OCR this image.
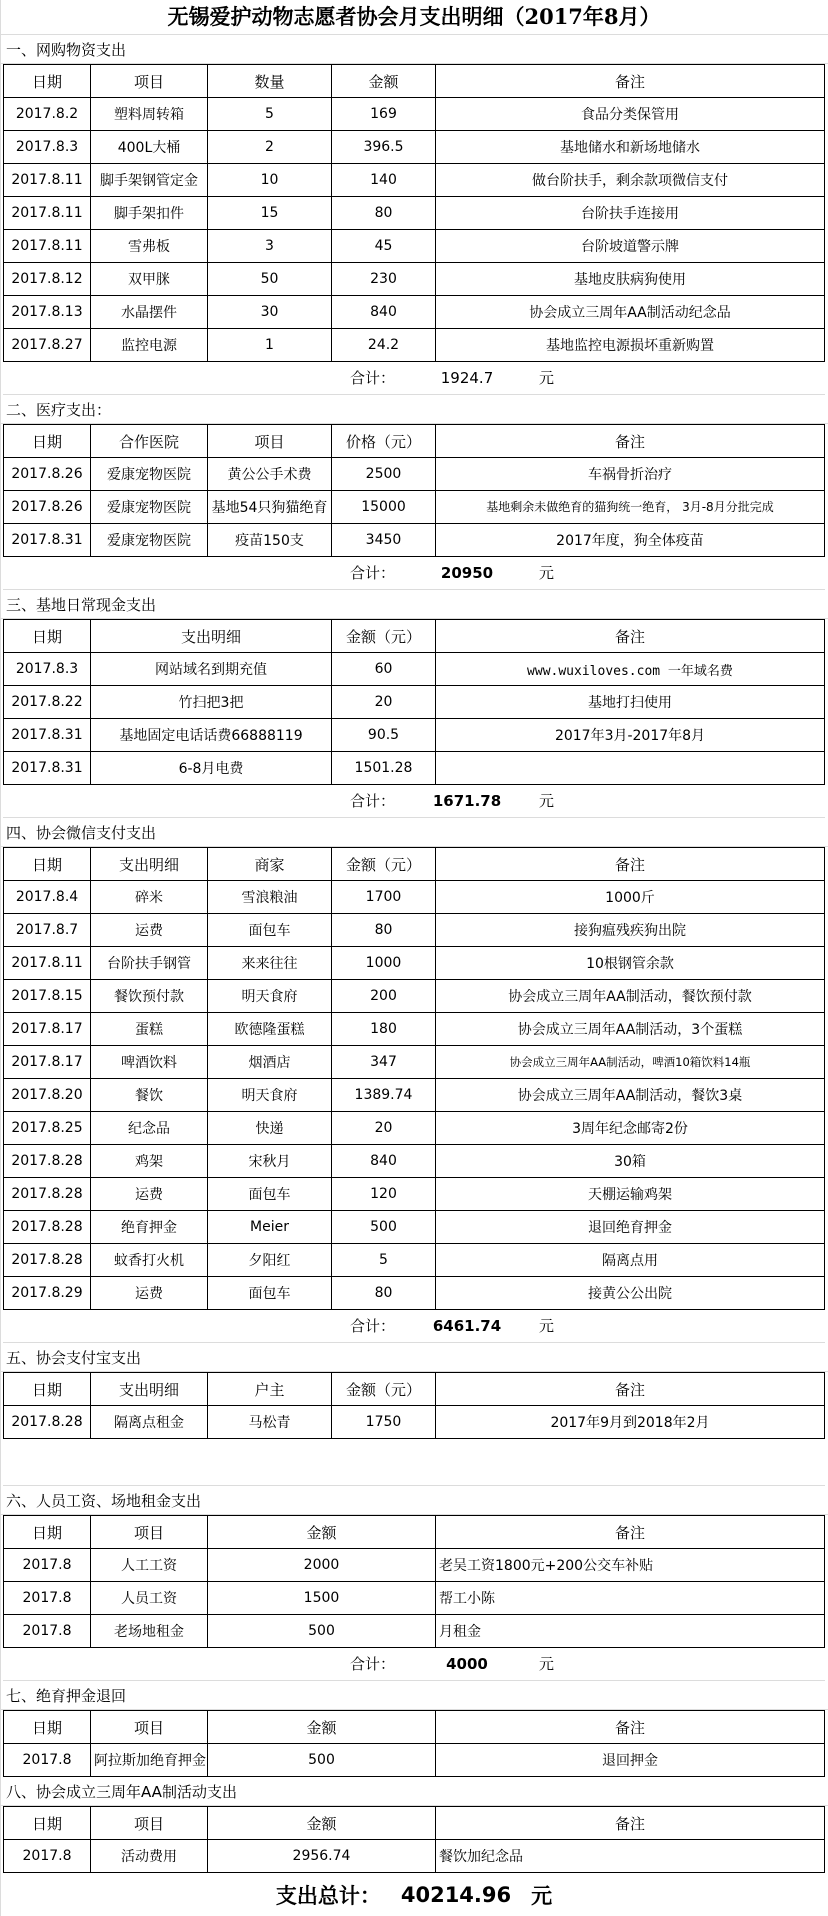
无锡爱护动物志愿者协会月支出明细（2017年8月）
一、网购物资支出
日期	项目	数量	金额	备注
2017.8.2	塑料周转箱	5	169	食品分类保管用
2017.8.3	400L大桶	2	396.5	基地储水和新场地储水
2017.8.11	脚手架钢管定金	10	140	做台阶扶手，剩余款项微信支付
2017.8.11	脚手架扣件	15	80	台阶扶手连接用
2017.8.11	雪弗板	3	45	台阶坡道警示牌
2017.8.12	双甲脒	50	230	基地皮肤病狗使用
2017.8.13	水晶摆件	30	840	协会成立三周年AA制活动纪念品
2017.8.27	监控电源	1	24.2	基地监控电源损坏重新购置
合计：	1924.7	元
二、医疗支出：
日期	合作医院	项目	价格（元）	备注
2017.8.26	爱康宠物医院	黄公公手术费	2500	车祸骨折治疗
2017.8.26	爱康宠物医院	基地54只狗猫绝育	15000	基地剩余未做绝育的猫狗统一绝育， 3月-8月分批完成
2017.8.31	爱康宠物医院	疫苗150支	3450	2017年度，狗全体疫苗
合计：	20950	元
三、基地日常现金支出
日期	支出明细	金额（元）	备注
2017.8.3	网站域名到期充值	60	www.wuxiloves.com 一年域名费
2017.8.22	竹扫把3把	20	基地打扫使用
2017.8.31	基地固定电话话费66888119	90.5	2017年3月-2017年8月
2017.8.31	6-8月电费	1501.28	
合计：	1671.78	元
四、协会微信支付支出
日期	支出明细	商家	金额（元）	备注
2017.8.4	碎米	雪浪粮油	1700	1000斤
2017.8.7	运费	面包车	80	接狗瘟残疾狗出院
2017.8.11	台阶扶手钢管	来来往往	1000	10根钢管余款
2017.8.15	餐饮预付款	明天食府	200	协会成立三周年AA制活动，餐饮预付款
2017.8.17	蛋糕	欧德隆蛋糕	180	协会成立三周年AA制活动，3个蛋糕
2017.8.17	啤酒饮料	烟酒店	347	协会成立三周年AA制活动，啤酒10箱饮料14瓶
2017.8.20	餐饮	明天食府	1389.74	协会成立三周年AA制活动，餐饮3桌
2017.8.25	纪念品	快递	20	3周年纪念邮寄2份
2017.8.28	鸡架	宋秋月	840	30箱
2017.8.28	运费	面包车	120	天棚运输鸡架
2017.8.28	绝育押金	Meier	500	退回绝育押金
2017.8.28	蚊香打火机	夕阳红	5	隔离点用
2017.8.29	运费	面包车	80	接黄公公出院
合计：	6461.74	元
五、协会支付宝支出
日期	支出明细	户主	金额（元）	备注
2017.8.28	隔离点租金	马松青	1750	2017年9月到2018年2月
六、人员工资、场地租金支出
日期	项目	金额	备注
2017.8	人工工资	2000	老吴工资1800元+200公交车补贴
2017.8	人员工资	1500	帮工小陈
2017.8	老场地租金	500	月租金
合计：	4000	元
七、绝育押金退回
日期	项目	金额	备注
2017.8	阿拉斯加绝育押金	500	退回押金
八、协会成立三周年AA制活动支出
日期	项目	金额	备注
2017.8	活动费用	2956.74	餐饮加纪念品
支出总计： 40214.96 元
